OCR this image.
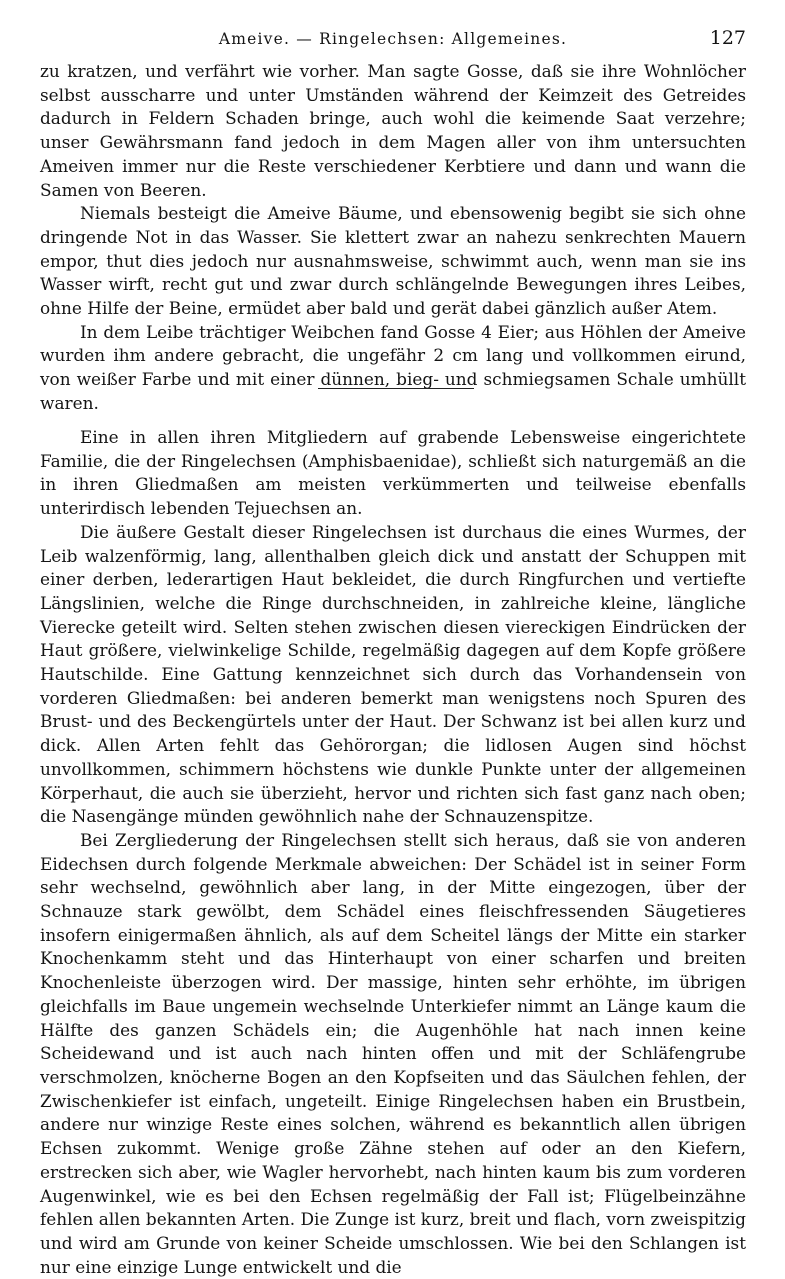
Ameive. — Ringelechsen: Allgemeines.	127

zu kratzen, und verfährt wie vorher. Man sagte Gosse, daß sie ihre Wohnlöcher selbst ausscharre und unter Umständen während der Keimzeit des Getreides dadurch in Feldern Schaden bringe, auch wohl die keimende Saat verzehre; unser Gewährsmann fand jedoch in dem Magen aller von ihm untersuchten Ameiven immer nur die Reste verschiedener Kerbtiere und dann und wann die Samen von Beeren.

Niemals besteigt die Ameive Bäume, und ebensowenig begibt sie sich ohne dringende Not in das Wasser. Sie klettert zwar an nahezu senkrechten Mauern empor, thut dies jedoch nur ausnahmsweise, schwimmt auch, wenn man sie ins Wasser wirft, recht gut und zwar durch schlängelnde Bewegungen ihres Leibes, ohne Hilfe der Beine, ermüdet aber bald und gerät dabei gänzlich außer Atem.

In dem Leibe trächtiger Weibchen fand Gosse 4 Eier; aus Höhlen der Ameive wurden ihm andere gebracht, die ungefähr 2 cm lang und vollkommen eirund, von weißer Farbe und mit einer dünnen, bieg- und schmiegsamen Schale umhüllt waren.

Eine in allen ihren Mitgliedern auf grabende Lebensweise eingerichtete Familie, die der Ringelechsen (Amphisbaenidae), schließt sich naturgemäß an die in ihren Gliedmaßen am meisten verkümmerten und teilweise ebenfalls unterirdisch lebenden Tejuechsen an.

Die äußere Gestalt dieser Ringelechsen ist durchaus die eines Wurmes, der Leib walzenförmig, lang, allenthalben gleich dick und anstatt der Schuppen mit einer derben, lederartigen Haut bekleidet, die durch Ringfurchen und vertiefte Längslinien, welche die Ringe durchschneiden, in zahlreiche kleine, längliche Vierecke geteilt wird. Selten stehen zwischen diesen viereckigen Eindrücken der Haut größere, vielwinkelige Schilde, regelmäßig dagegen auf dem Kopfe größere Hautschilde. Eine Gattung kennzeichnet sich durch das Vorhandensein von vorderen Gliedmaßen: bei anderen bemerkt man wenigstens noch Spuren des Brust- und des Beckengürtels unter der Haut. Der Schwanz ist bei allen kurz und dick. Allen Arten fehlt das Gehörorgan; die lidlosen Augen sind höchst unvollkommen, schimmern höchstens wie dunkle Punkte unter der allgemeinen Körperhaut, die auch sie überzieht, hervor und richten sich fast ganz nach oben; die Nasengänge münden gewöhnlich nahe der Schnauzenspitze.

Bei Zergliederung der Ringelechsen stellt sich heraus, daß sie von anderen Eidechsen durch folgende Merkmale abweichen: Der Schädel ist in seiner Form sehr wechselnd, gewöhnlich aber lang, in der Mitte eingezogen, über der Schnauze stark gewölbt, dem Schädel eines fleischfressenden Säugetieres insofern einigermaßen ähnlich, als auf dem Scheitel längs der Mitte ein starker Knochenkamm steht und das Hinterhaupt von einer scharfen und breiten Knochenleiste überzogen wird. Der massige, hinten sehr erhöhte, im übrigen gleichfalls im Baue ungemein wechselnde Unterkiefer nimmt an Länge kaum die Hälfte des ganzen Schädels ein; die Augenhöhle hat nach innen keine Scheidewand und ist auch nach hinten offen und mit der Schläfengrube verschmolzen, knöcherne Bogen an den Kopfseiten und das Säulchen fehlen, der Zwischenkiefer ist einfach, ungeteilt. Einige Ringelechsen haben ein Brustbein, andere nur winzige Reste eines solchen, während es bekanntlich allen übrigen Echsen zukommt. Wenige große Zähne stehen auf oder an den Kiefern, erstrecken sich aber, wie Wagler hervorhebt, nach hinten kaum bis zum vorderen Augenwinkel, wie es bei den Echsen regelmäßig der Fall ist; Flügelbeinzähne fehlen allen bekannten Arten. Die Zunge ist kurz, breit und flach, vorn zweispitzig und wird am Grunde von keiner Scheide umschlossen. Wie bei den Schlangen ist nur eine einzige Lunge entwickelt und die
